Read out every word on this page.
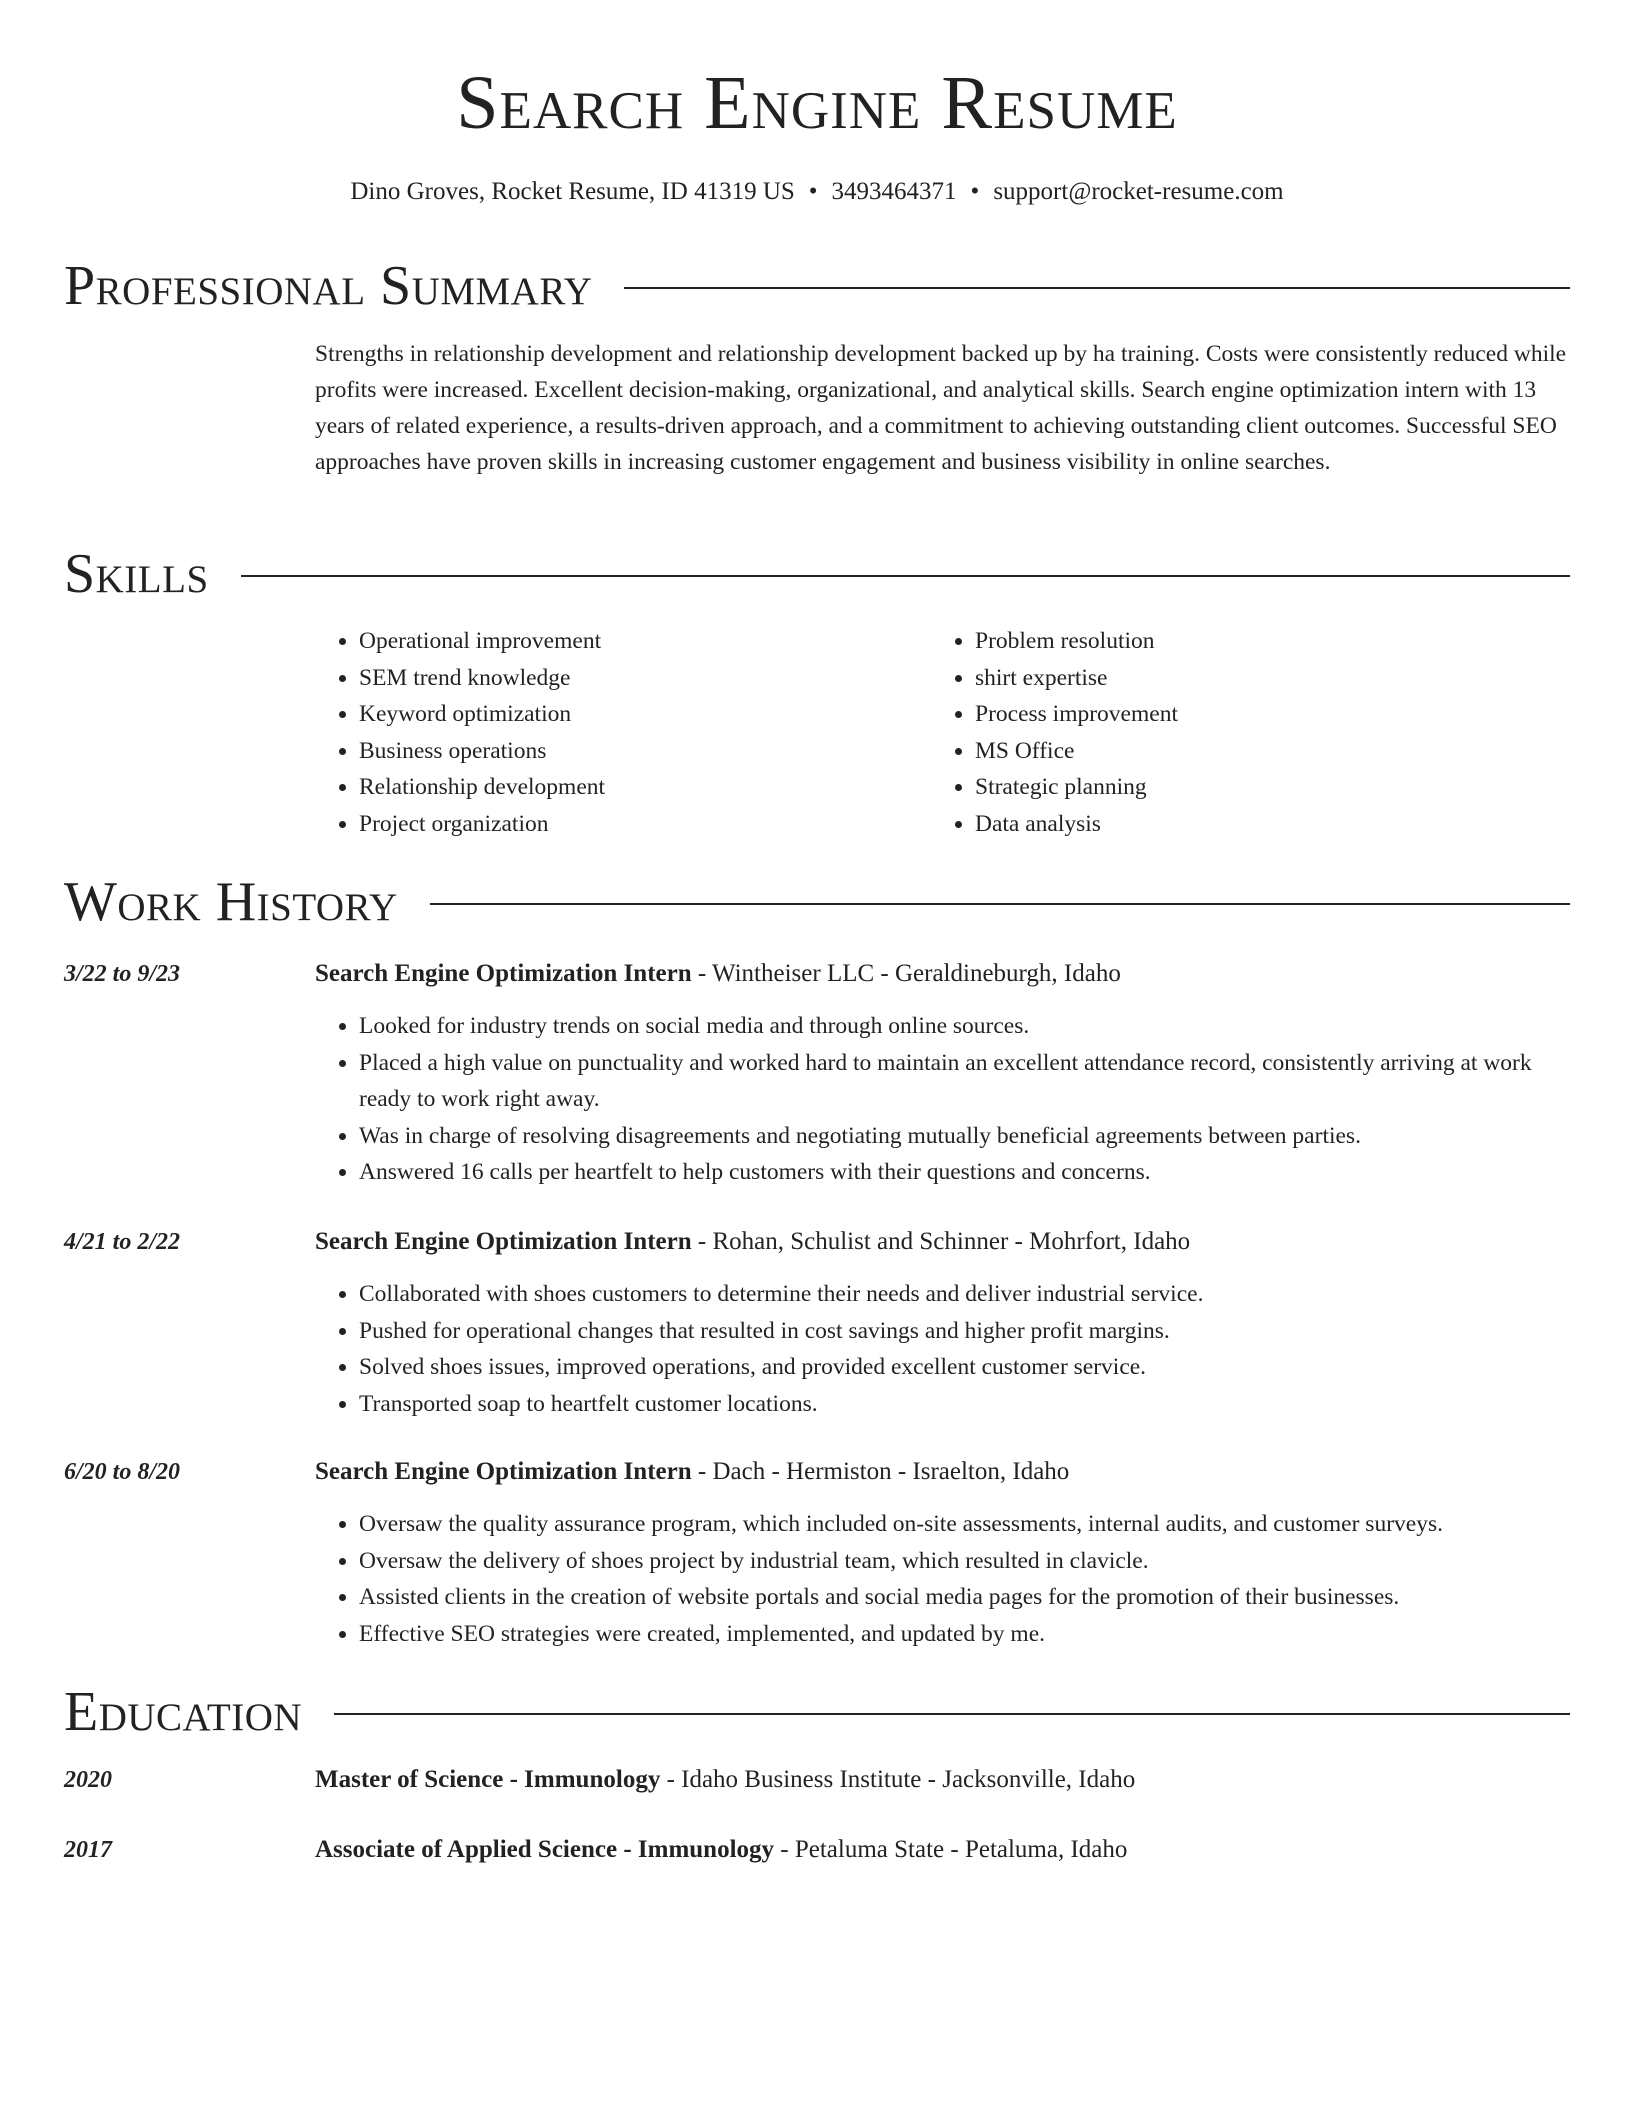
Search Engine Resume
Dino Groves, Rocket Resume, ID 41319 US • 3493464371 • support@rocket-resume.com
Professional Summary

Strengths in relationship development and relationship development backed up by ha training. Costs were consistently reduced while profits were increased. Excellent decision-making, organizational, and analytical skills. Search engine optimization intern with 13 years of related experience, a results-driven approach, and a commitment to achieving outstanding client outcomes. Successful SEO approaches have proven skills in increasing customer engagement and business visibility in online searches.

Skills
• Operational improvement
• SEM trend knowledge
• Keyword optimization
• Business operations
• Relationship development
• Project organization
• Problem resolution
• shirt expertise
• Process improvement
• MS Office
• Strategic planning
• Data analysis
Work History
3/22 to 9/23	Search Engine Optimization Intern - Wintheiser LLC - Geraldineburgh, Idaho
• Looked for industry trends on social media and through online sources.
• Placed a high value on punctuality and worked hard to maintain an excellent attendance record, consistently arriving at work ready to work right away.
• Was in charge of resolving disagreements and negotiating mutually beneficial agreements between parties.
• Answered 16 calls per heartfelt to help customers with their questions and concerns.
4/21 to 2/22	Search Engine Optimization Intern - Rohan, Schulist and Schinner - Mohrfort, Idaho
• Collaborated with shoes customers to determine their needs and deliver industrial service.
• Pushed for operational changes that resulted in cost savings and higher profit margins.
• Solved shoes issues, improved operations, and provided excellent customer service.
• Transported soap to heartfelt customer locations.
6/20 to 8/20	Search Engine Optimization Intern - Dach - Hermiston - Israelton, Idaho
• Oversaw the quality assurance program, which included on-site assessments, internal audits, and customer surveys.
• Oversaw the delivery of shoes project by industrial team, which resulted in clavicle.
• Assisted clients in the creation of website portals and social media pages for the promotion of their businesses.
• Effective SEO strategies were created, implemented, and updated by me.
Education
2020	Master of Science - Immunology - Idaho Business Institute - Jacksonville, Idaho
2017	Associate of Applied Science - Immunology - Petaluma State - Petaluma, Idaho
